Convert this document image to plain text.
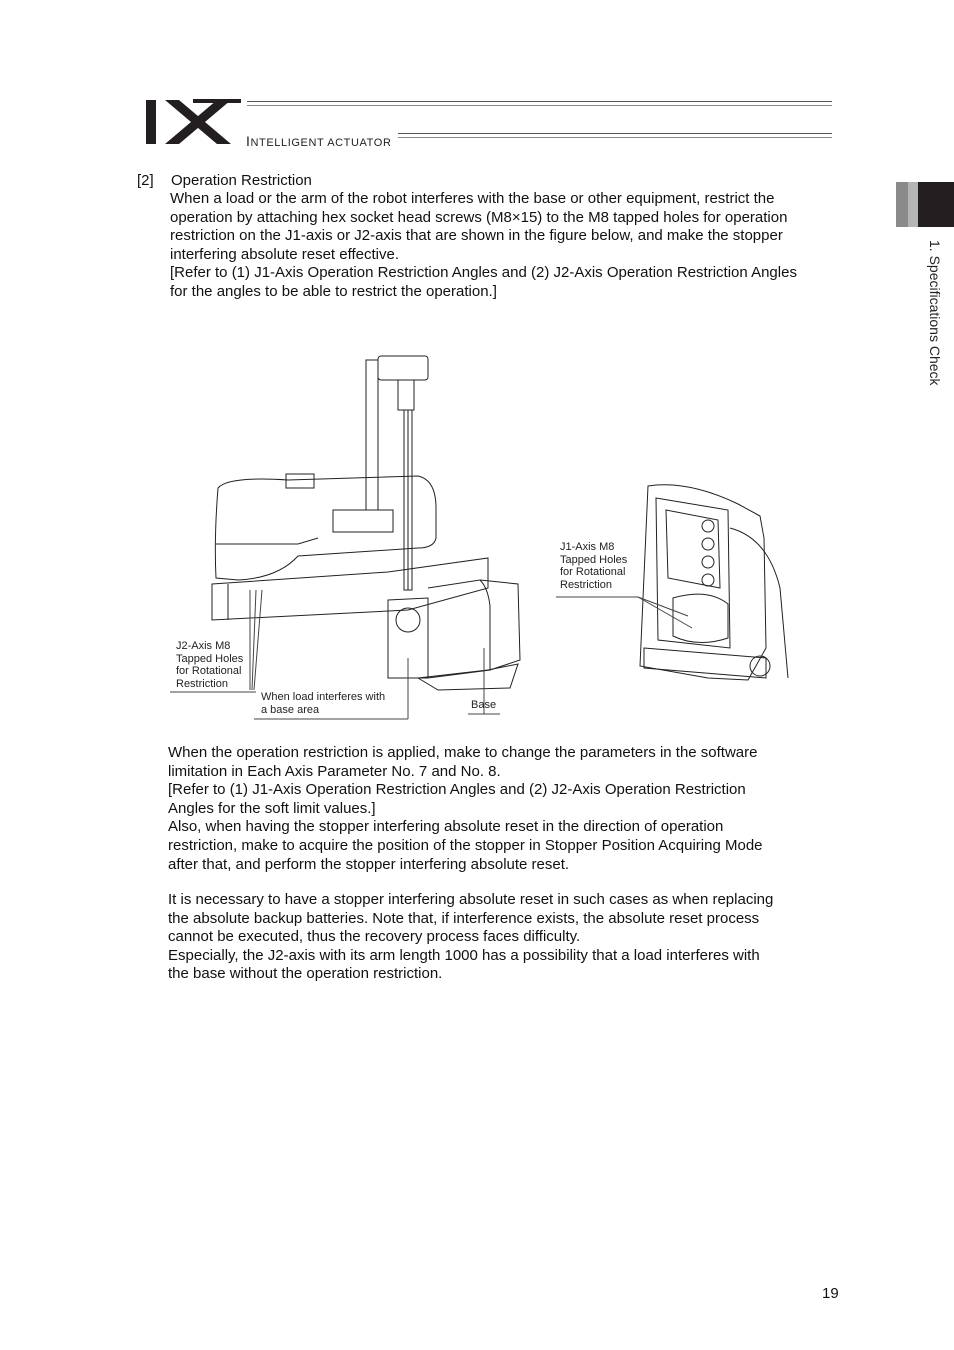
INTELLIGENT ACTUATOR
1. Specifications Check
[2] Operation Restriction

When a load or the arm of the robot interferes with the base or other equipment, restrict the

operation by attaching hex socket head screws (M8×15) to the M8 tapped holes for operation

restriction on the J1-axis or J2-axis that are shown in the figure below, and make the stopper

interfering absolute reset effective.

[Refer to (1) J1-Axis Operation Restriction Angles and (2) J2-Axis Operation Restriction Angles

for the angles to be able to restrict the operation.]

J1-Axis M8
Tapped Holes
for Rotational
Restriction
J2-Axis M8
Tapped Holes
for Rotational
Restriction
When load interferes with
a base area	Base

When the operation restriction is applied, make to change the parameters in the software

limitation in Each Axis Parameter No. 7 and No. 8.

[Refer to (1) J1-Axis Operation Restriction Angles and (2) J2-Axis Operation Restriction

Angles for the soft limit values.]

Also, when having the stopper interfering absolute reset in the direction of operation

restriction, make to acquire the position of the stopper in Stopper Position Acquiring Mode

after that, and perform the stopper interfering absolute reset.

It is necessary to have a stopper interfering absolute reset in such cases as when replacing

the absolute backup batteries. Note that, if interference exists, the absolute reset process

cannot be executed, thus the recovery process faces difficulty.

Especially, the J2-axis with its arm length 1000 has a possibility that a load interferes with

the base without the operation restriction.

19
